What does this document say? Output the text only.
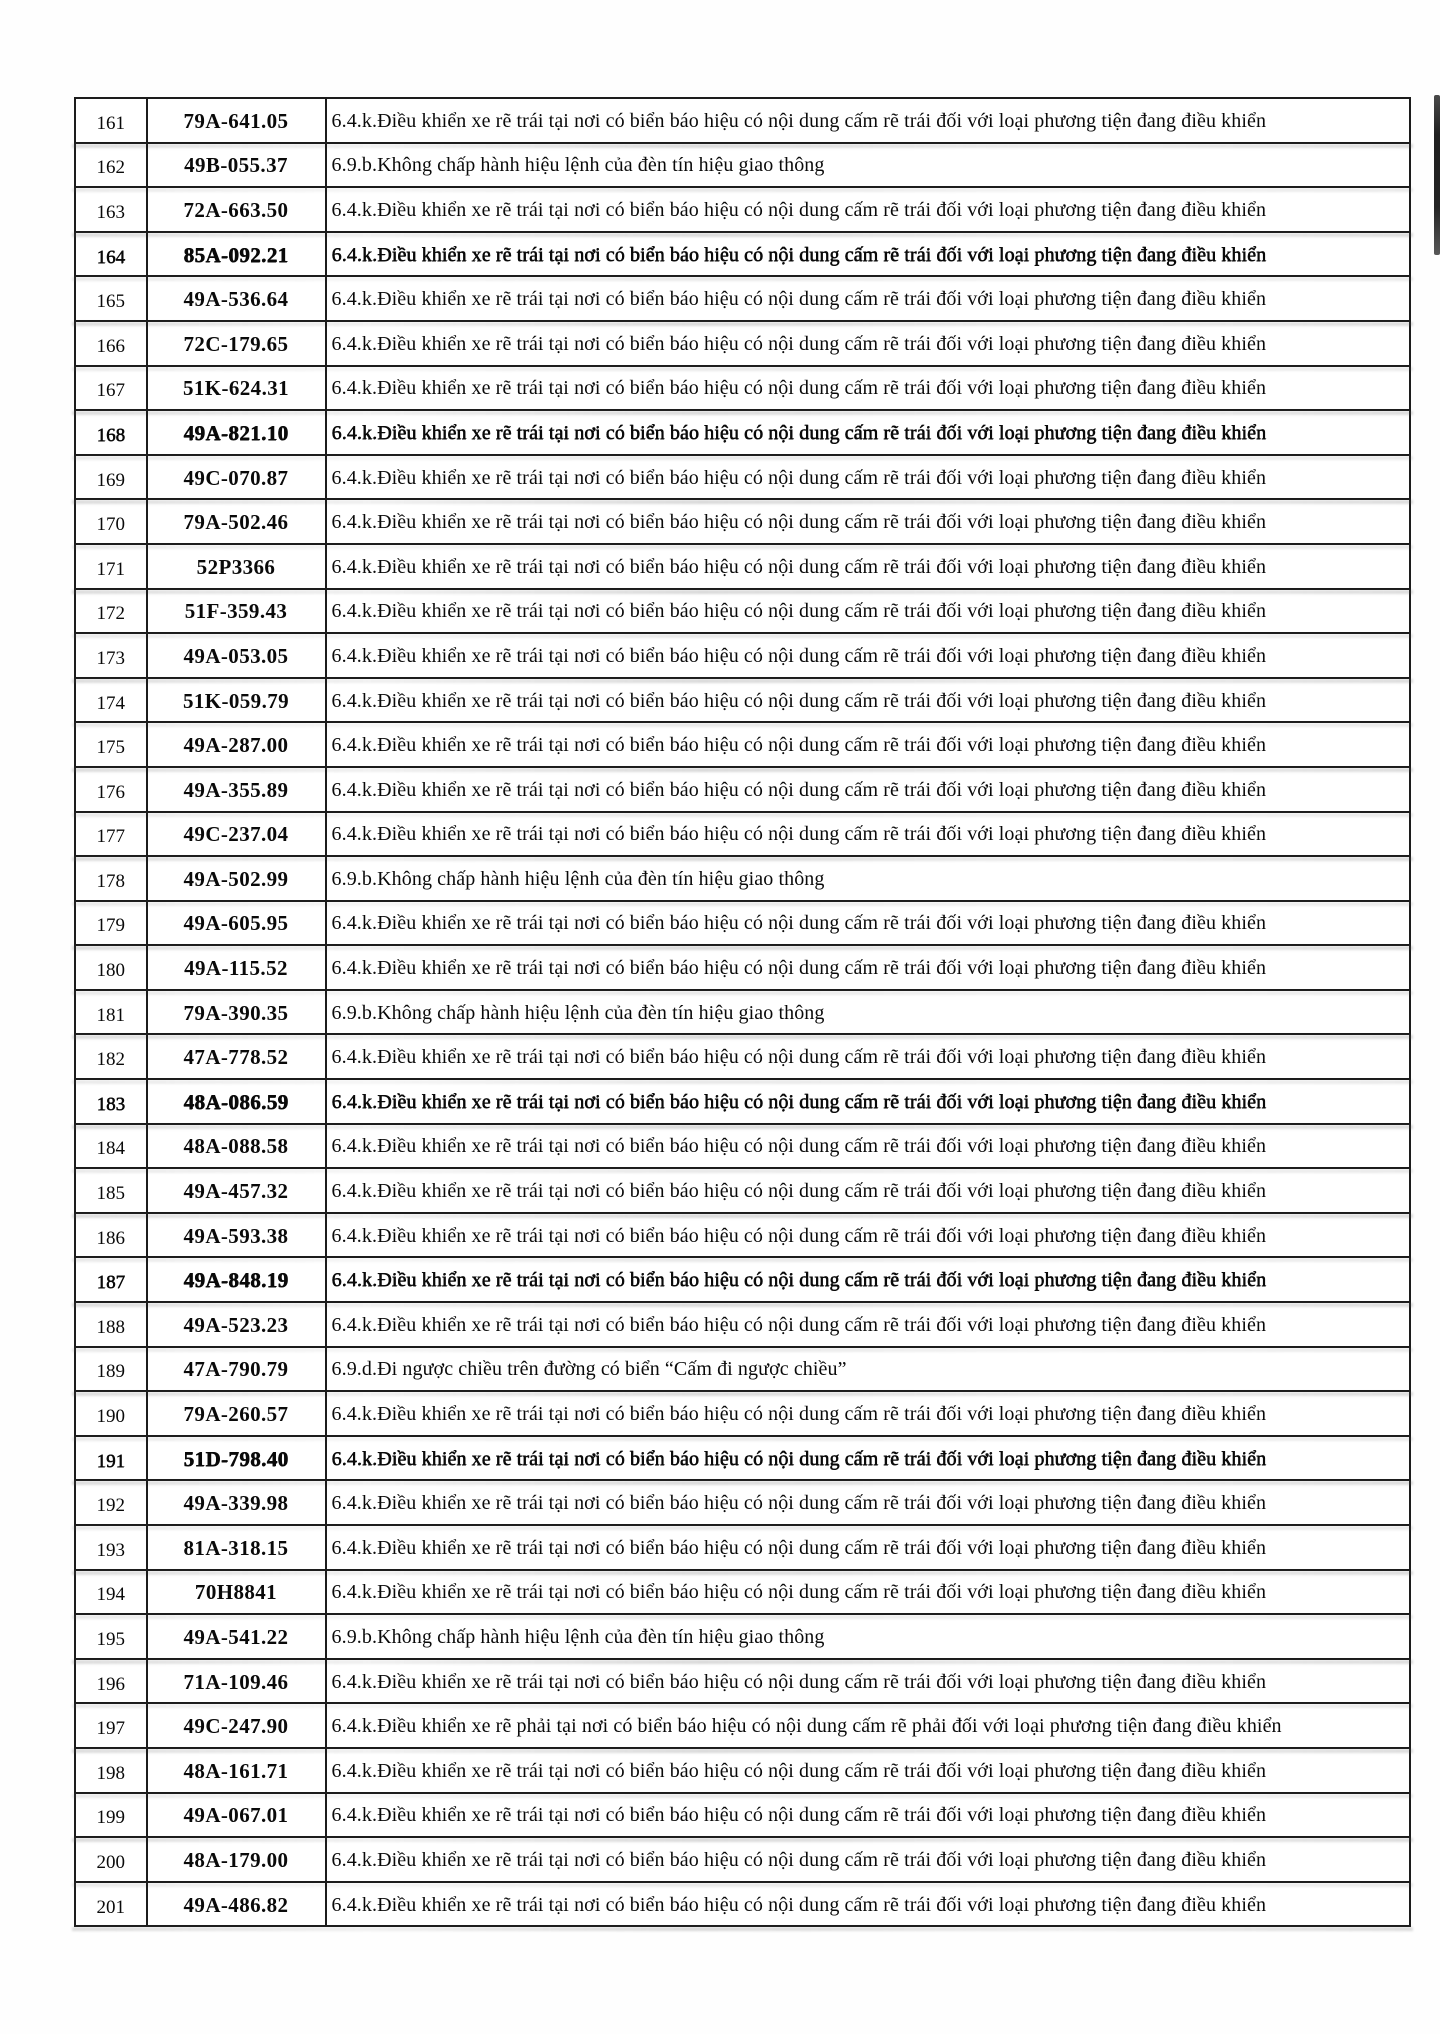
161	79A-641.05 6.4.k.Điều khiển xe rẽ trái tại nơi có biển báo hiệu có nội dung cấm rẽ trái đối với loại phương tiện đang điều khiển
162	49B-055.37 6.9.b.Không chấp hành hiệu lệnh của đèn tín hiệu giao thông
163	72A-663.50 6.4.k.Điều khiển xe rẽ trái tại nơi có biển báo hiệu có nội dung cấm rẽ trái đối với loại phương tiện đang điều khiển
164	85A-092.21 6.4.k.Điều khiển xe rẽ trái tại nơi có biển báo hiệu có nội dung cấm rẽ trái đối với loại phương tiện đang điều khiển
165	49A-536.64 6.4.k.Điều khiển xe rẽ trái tại nơi có biển báo hiệu có nội dung cấm rẽ trái đối với loại phương tiện đang điều khiển
166	72C-179.65 6.4.k.Điều khiển xe rẽ trái tại nơi có biển báo hiệu có nội dung cấm rẽ trái đối với loại phương tiện đang điều khiển
167	51K-624.31 6.4.k.Điều khiển xe rẽ trái tại nơi có biển báo hiệu có nội dung cấm rẽ trái đối với loại phương tiện đang điều khiển
168	49A-821.10 6.4.k.Điều khiển xe rẽ trái tại nơi có biển báo hiệu có nội dung cấm rẽ trái đối với loại phương tiện đang điều khiển
169	49C-070.87 6.4.k.Điều khiển xe rẽ trái tại nơi có biển báo hiệu có nội dung cấm rẽ trái đối với loại phương tiện đang điều khiển
170	79A-502.46 6.4.k.Điều khiển xe rẽ trái tại nơi có biển báo hiệu có nội dung cấm rẽ trái đối với loại phương tiện đang điều khiển
171	52P3366	6.4.k.Điều khiển xe rẽ trái tại nơi có biển báo hiệu có nội dung cấm rẽ trái đối với loại phương tiện đang điều khiển
172	51F-359.43 6.4.k.Điều khiển xe rẽ trái tại nơi có biển báo hiệu có nội dung cấm rẽ trái đối với loại phương tiện đang điều khiển
173	49A-053.05 6.4.k.Điều khiển xe rẽ trái tại nơi có biển báo hiệu có nội dung cấm rẽ trái đối với loại phương tiện đang điều khiển
174	51K-059.79 6.4.k.Điều khiển xe rẽ trái tại nơi có biển báo hiệu có nội dung cấm rẽ trái đối với loại phương tiện đang điều khiển
175	49A-287.00 6.4.k.Điều khiển xe rẽ trái tại nơi có biển báo hiệu có nội dung cấm rẽ trái đối với loại phương tiện đang điều khiển
176	49A-355.89 6.4.k.Điều khiển xe rẽ trái tại nơi có biển báo hiệu có nội dung cấm rẽ trái đối với loại phương tiện đang điều khiển
177	49C-237.04 6.4.k.Điều khiển xe rẽ trái tại nơi có biển báo hiệu có nội dung cấm rẽ trái đối với loại phương tiện đang điều khiển
178	49A-502.99 6.9.b.Không chấp hành hiệu lệnh của đèn tín hiệu giao thông
179	49A-605.95 6.4.k.Điều khiển xe rẽ trái tại nơi có biển báo hiệu có nội dung cấm rẽ trái đối với loại phương tiện đang điều khiển
180	49A-115.52 6.4.k.Điều khiển xe rẽ trái tại nơi có biển báo hiệu có nội dung cấm rẽ trái đối với loại phương tiện đang điều khiển
181	79A-390.35 6.9.b.Không chấp hành hiệu lệnh của đèn tín hiệu giao thông
182	47A-778.52 6.4.k.Điều khiển xe rẽ trái tại nơi có biển báo hiệu có nội dung cấm rẽ trái đối với loại phương tiện đang điều khiển
183	48A-086.59 6.4.k.Điều khiển xe rẽ trái tại nơi có biển báo hiệu có nội dung cấm rẽ trái đối với loại phương tiện đang điều khiển
184	48A-088.58 6.4.k.Điều khiển xe rẽ trái tại nơi có biển báo hiệu có nội dung cấm rẽ trái đối với loại phương tiện đang điều khiển
185	49A-457.32 6.4.k.Điều khiển xe rẽ trái tại nơi có biển báo hiệu có nội dung cấm rẽ trái đối với loại phương tiện đang điều khiển
186	49A-593.38 6.4.k.Điều khiển xe rẽ trái tại nơi có biển báo hiệu có nội dung cấm rẽ trái đối với loại phương tiện đang điều khiển
187	49A-848.19 6.4.k.Điều khiển xe rẽ trái tại nơi có biển báo hiệu có nội dung cấm rẽ trái đối với loại phương tiện đang điều khiển
188	49A-523.23 6.4.k.Điều khiển xe rẽ trái tại nơi có biển báo hiệu có nội dung cấm rẽ trái đối với loại phương tiện đang điều khiển
189	47A-790.79 6.9.d.Đi ngược chiều trên đường có biển “Cấm đi ngược chiều”
190	79A-260.57 6.4.k.Điều khiển xe rẽ trái tại nơi có biển báo hiệu có nội dung cấm rẽ trái đối với loại phương tiện đang điều khiển
191	51D-798.40 6.4.k.Điều khiển xe rẽ trái tại nơi có biển báo hiệu có nội dung cấm rẽ trái đối với loại phương tiện đang điều khiển
192	49A-339.98 6.4.k.Điều khiển xe rẽ trái tại nơi có biển báo hiệu có nội dung cấm rẽ trái đối với loại phương tiện đang điều khiển
193	81A-318.15 6.4.k.Điều khiển xe rẽ trái tại nơi có biển báo hiệu có nội dung cấm rẽ trái đối với loại phương tiện đang điều khiển
194	70H8841	6.4.k.Điều khiển xe rẽ trái tại nơi có biển báo hiệu có nội dung cấm rẽ trái đối với loại phương tiện đang điều khiển
195	49A-541.22 6.9.b.Không chấp hành hiệu lệnh của đèn tín hiệu giao thông
196	71A-109.46 6.4.k.Điều khiển xe rẽ trái tại nơi có biển báo hiệu có nội dung cấm rẽ trái đối với loại phương tiện đang điều khiển
197	49C-247.90 6.4.k.Điều khiển xe rẽ phải tại nơi có biển báo hiệu có nội dung cấm rẽ phải đối với loại phương tiện đang điều khiển
198	48A-161.71 6.4.k.Điều khiển xe rẽ trái tại nơi có biển báo hiệu có nội dung cấm rẽ trái đối với loại phương tiện đang điều khiển
199	49A-067.01 6.4.k.Điều khiển xe rẽ trái tại nơi có biển báo hiệu có nội dung cấm rẽ trái đối với loại phương tiện đang điều khiển
200	48A-179.00 6.4.k.Điều khiển xe rẽ trái tại nơi có biển báo hiệu có nội dung cấm rẽ trái đối với loại phương tiện đang điều khiển
201	49A-486.82 6.4.k.Điều khiển xe rẽ trái tại nơi có biển báo hiệu có nội dung cấm rẽ trái đối với loại phương tiện đang điều khiển
